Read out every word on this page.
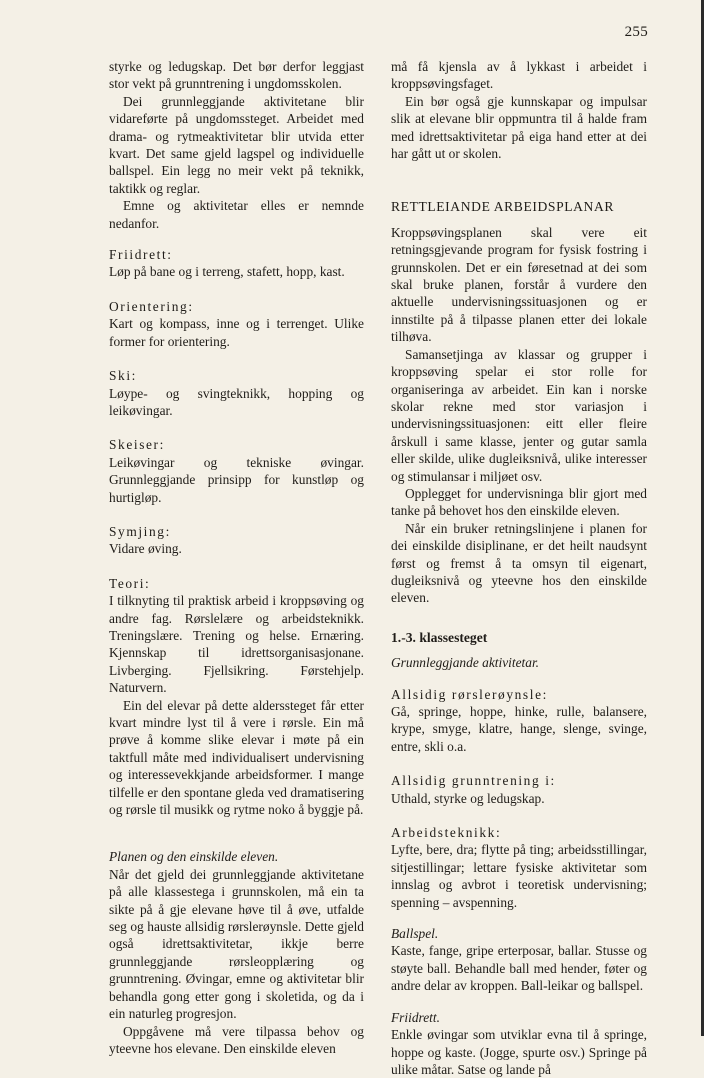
255

styrke og ledugskap. Det bør derfor leggjast stor vekt på grunntrening i ungdomsskolen.

Dei grunnleggjande aktivitetane blir vidareførte på ungdomssteget. Arbeidet med drama- og rytmeaktivitetar blir utvida etter kvart. Det same gjeld lagspel og individuelle ballspel. Ein legg no meir vekt på teknikk, taktikk og reglar.

Emne og aktivitetar elles er nemnde nedanfor.

Friidrett:

Løp på bane og i terreng, stafett, hopp, kast.

Orientering:

Kart og kompass, inne og i terrenget. Ulike former for orientering.

Ski:

Løype- og svingteknikk, hopping og leikøvingar.

Skeiser:

Leikøvingar og tekniske øvingar. Grunnleggjande prinsipp for kunstløp og hurtigløp.

Symjing:

Vidare øving.

Teori:

I tilknyting til praktisk arbeid i kroppsøving og andre fag. Rørslelære og arbeidsteknikk. Treningslære. Trening og helse. Ernæring. Kjennskap til idrettsorganisasjonane. Livberging. Fjellsikring. Førstehjelp. Naturvern.

Ein del elevar på dette alderssteget får etter kvart mindre lyst til å vere i rørsle. Ein må prøve å komme slike elevar i møte på ein taktfull måte med individualisert undervisning og interessevekkjande arbeidsformer. I mange tilfelle er den spontane gleda ved dramatisering og rørsle til musikk og rytme noko å byggje på.

Planen og den einskilde eleven.

Når det gjeld dei grunnleggjande aktivitetane på alle klassestega i grunnskolen, må ein ta sikte på å gje elevane høve til å øve, utfalde seg og hauste allsidig rørslerøynsle. Dette gjeld også idrettsaktivitetar, ikkje berre grunnleggjande rørsleopplæring og grunntrening. Øvingar, emne og aktivitetar blir behandla gong etter gong i skoletida, og da i ein naturleg progresjon.

Oppgåvene må vere tilpassa behov og yteevne hos elevane. Den einskilde eleven

må få kjensla av å lykkast i arbeidet i kroppsøvingsfaget.

Ein bør også gje kunnskapar og impulsar slik at elevane blir oppmuntra til å halde fram med idrettsaktivitetar på eiga hand etter at dei har gått ut or skolen.

RETTLEIANDE ARBEIDSPLANAR

Kroppsøvingsplanen skal vere eit retningsgjevande program for fysisk fostring i grunnskolen. Det er ein føresetnad at dei som skal bruke planen, forstår å vurdere den aktuelle undervisningssituasjonen og er innstilte på å tilpasse planen etter dei lokale tilhøva.

Samansetjinga av klassar og grupper i kroppsøving spelar ei stor rolle for organiseringa av arbeidet. Ein kan i norske skolar rekne med stor variasjon i undervisningssituasjonen: eitt eller fleire årskull i same klasse, jenter og gutar samla eller skilde, ulike dugleiksnivå, ulike interesser og stimulansar i miljøet osv.

Opplegget for undervisninga blir gjort med tanke på behovet hos den einskilde eleven.

Når ein bruker retningslinjene i planen for dei einskilde disiplinane, er det heilt naudsynt først og fremst å ta omsyn til eigenart, dugleiksnivå og yteevne hos den einskilde eleven.

1.-3. klassesteget

Grunnleggjande aktivitetar.

Allsidig rørslerøynsle:

Gå, springe, hoppe, hinke, rulle, balansere, krype, smyge, klatre, hange, slenge, svinge, entre, skli o.a.

Allsidig grunntrening i:

Uthald, styrke og ledugskap.

Arbeidsteknikk:

Lyfte, bere, dra; flytte på ting; arbeidsstillingar, sitjestillingar; lettare fysiske aktivitetar som innslag og avbrot i teoretisk undervisning; spenning – avspenning.

Ballspel.

Kaste, fange, gripe erterposar, ballar. Stusse og støyte ball. Behandle ball med hender, føter og andre delar av kroppen. Ball-leikar og ballspel.

Friidrett.

Enkle øvingar som utviklar evna til å springe, hoppe og kaste. (Jogge, spurte osv.) Springe på ulike måtar. Satse og lande på
